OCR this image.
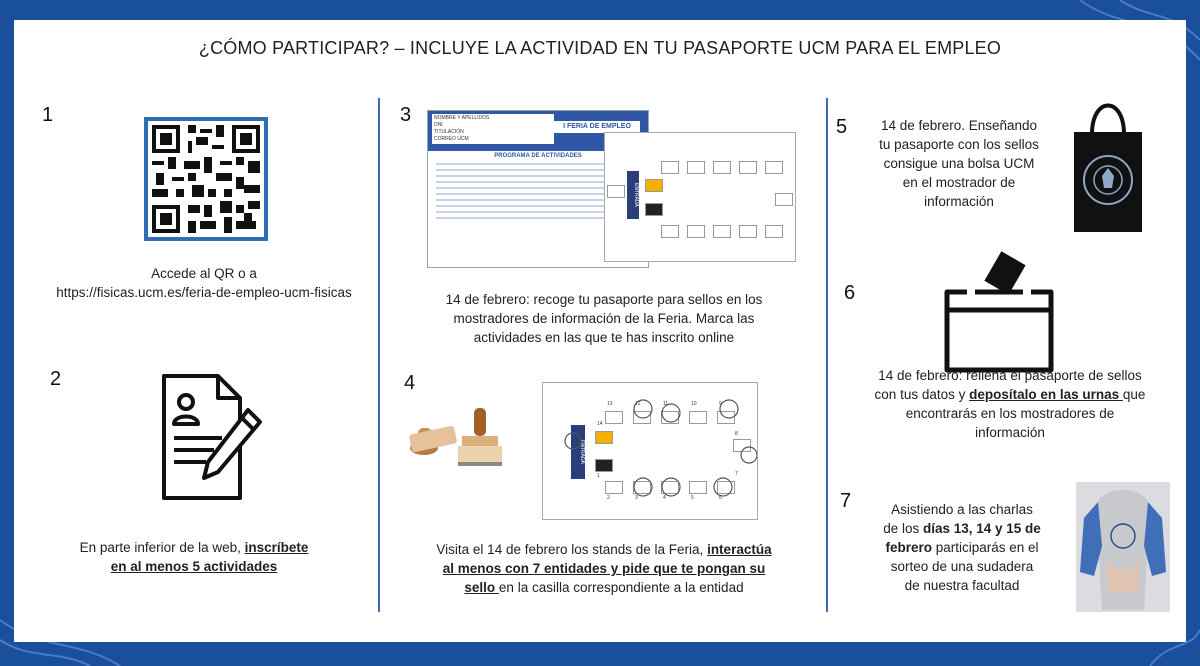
¿CÓMO PARTICIPAR? – INCLUYE LA ACTIVIDAD EN TU PASAPORTE UCM PARA EL EMPLEO
1
Accede al QR o a
https://fisicas.ucm.es/feria-de-empleo-ucm-fisicas
2
En parte inferior de la web, inscríbete
en al menos 5 actividades
3	NOMBRE Y APELLIDOS
DNI
TITULACIÓN
CORREO UCM
I FERIA DE EMPLEO
PROGRAMA DE ACTIVIDADES
ENTRADA
14 de febrero: recoge tu pasaporte para sellos en los
mostradores de información de la Feria. Marca las
actividades en las que te has inscrito online
4
ENTRADA
13	12	11	10	9
14
1
2	3	4	5	6
7
8
Visita el 14 de febrero los stands de la Feria, interactúa
al menos con 7 entidades y pide que te pongan su
sello en la casilla correspondiente a la entidad
5	14 de febrero. Enseñando
tu pasaporte con los sellos
consigue una bolsa UCM
en el mostrador de
información
6
14 de febrero: rellena el pasaporte de sellos
con tus datos y deposítalo en las urnas que
encontrarás en los mostradores de
información
7	Asistiendo a las charlas
de los días 13, 14 y 15 de
febrero participarás en el
sorteo de una sudadera
de nuestra facultad
